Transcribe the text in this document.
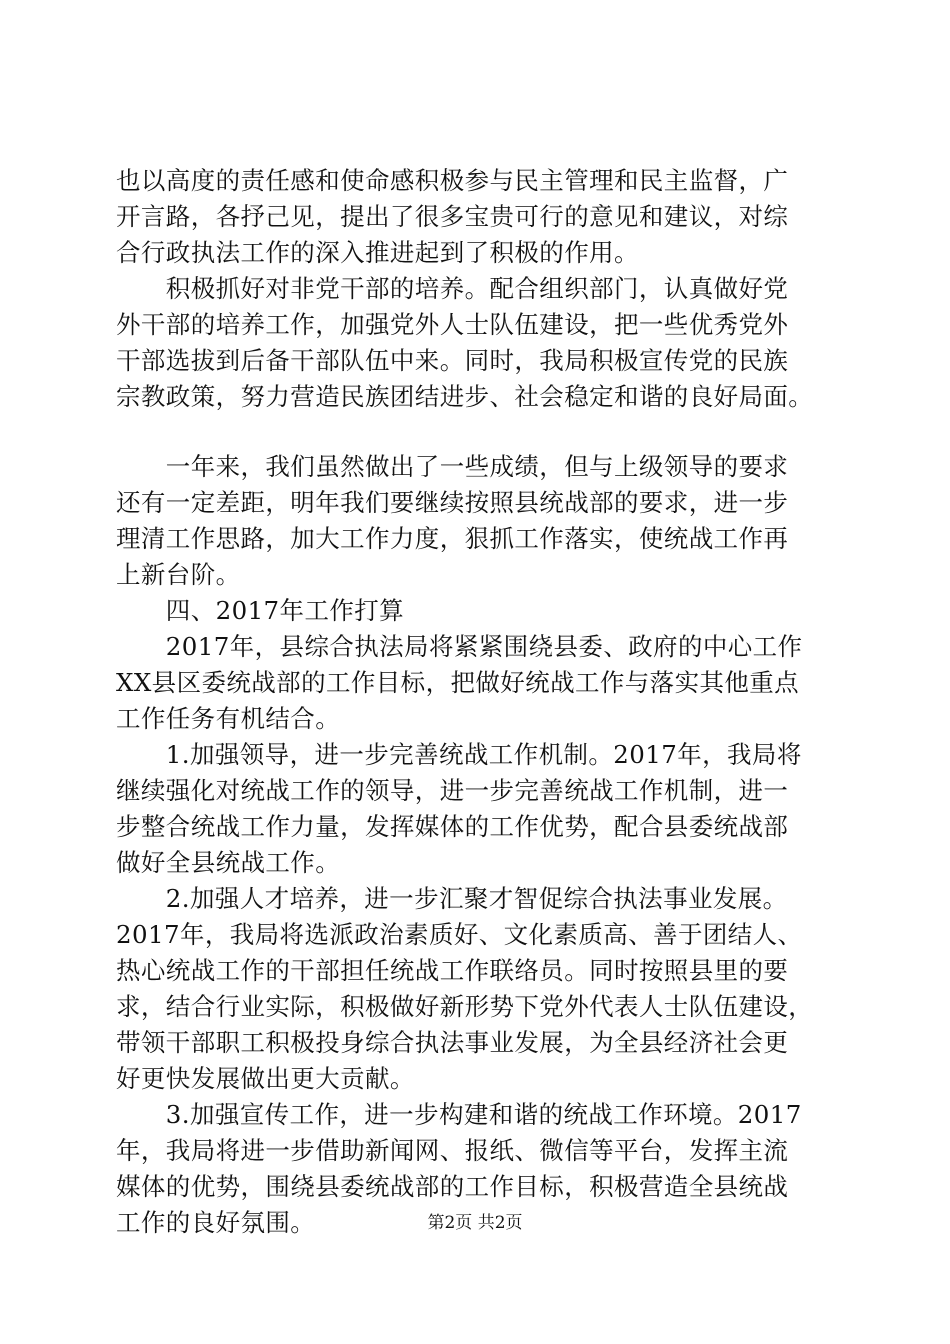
也以高度的责任感和使命感积极参与民主管理和民主监督，广
开言路，各抒己见，提出了很多宝贵可行的意见和建议，对综
合行政执法工作的深入推进起到了积极的作用。
　　积极抓好对非党干部的培养。配合组织部门，认真做好党
外干部的培养工作，加强党外人士队伍建设，把一些优秀党外
干部选拔到后备干部队伍中来。同时，我局积极宣传党的民族
宗教政策，努力营造民族团结进步、社会稳定和谐的良好局面。
　　一年来，我们虽然做出了一些成绩，但与上级领导的要求
还有一定差距，明年我们要继续按照县统战部的要求，进一步
理清工作思路，加大工作力度，狠抓工作落实，使统战工作再
上新台阶。
　　四、2017年工作打算
　　2017年，县综合执法局将紧紧围绕县委、政府的中心工作
XX县区委统战部的工作目标，把做好统战工作与落实其他重点
工作任务有机结合。
　　1.加强领导，进一步完善统战工作机制。2017年，我局将
继续强化对统战工作的领导，进一步完善统战工作机制，进一
步整合统战工作力量，发挥媒体的工作优势，配合县委统战部
做好全县统战工作。
　　2.加强人才培养，进一步汇聚才智促综合执法事业发展。
2017年，我局将选派政治素质好、文化素质高、善于团结人、
热心统战工作的干部担任统战工作联络员。同时按照县里的要
求，结合行业实际，积极做好新形势下党外代表人士队伍建设，
带领干部职工积极投身综合执法事业发展，为全县经济社会更
好更快发展做出更大贡献。
　　3.加强宣传工作，进一步构建和谐的统战工作环境。2017
年，我局将进一步借助新闻网、报纸、微信等平台，发挥主流
媒体的优势，围绕县委统战部的工作目标，积极营造全县统战
工作的良好氛围。	第2页 共2页
